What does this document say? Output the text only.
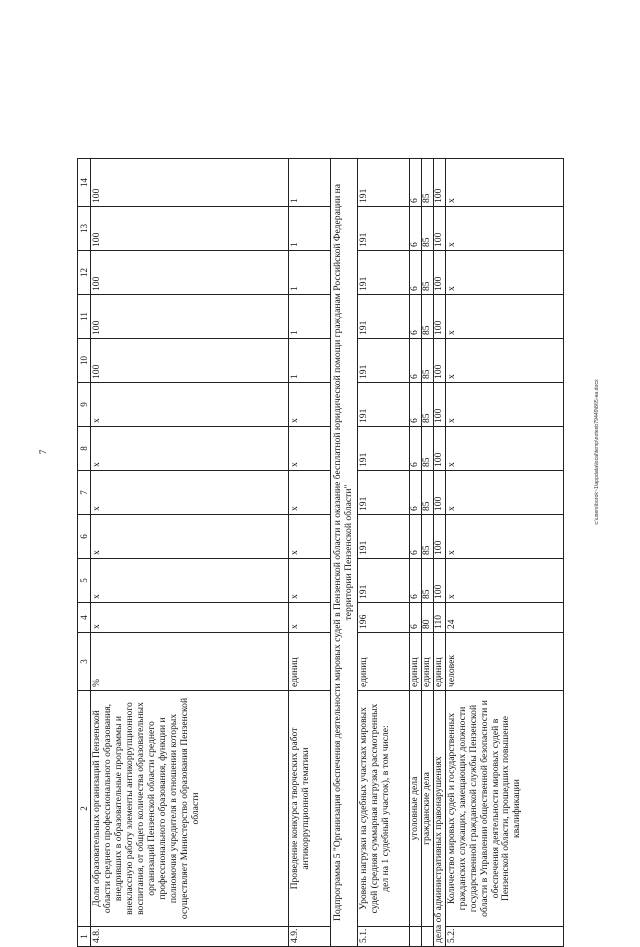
7	c:\users\borok~1\appdata\local\temp\notesb79449\865-на.docx
1	2	3	4	5	6	7	8	9	10	11	12	13	14
4.8.	Доля образовательных организаций Пензенской области среднего профессионального образования, внедривших в образовательные программы и внеклассную работу элементы антикоррупционного воспитания, от общего количества образовательных организаций Пензенской области среднего профессионального образования, функции и полномочия учредителя в отношении которых осуществляет Министерство образования Пензенской области	%	x	x	x	x	x	x	100	100	100	100	100
4.9.	Проведение конкурса творческих работ антикоррупционной тематики	единиц	x	x	x	x	x	x	1	1	1	1	1
Подпрограмма 5 "Организация обеспечения деятельности мировых судей в Пензенской области и оказание бесплатной юридической помощи гражданам Российской Федерации на территории Пензенской области"													
5.1.	Уровень нагрузки на судебных участках мировых судей (средняя суммарная нагрузка рассмотренных дел на 1 судебный участок), в том числе:	единиц	196	191	191	191	191	191	191	191	191	191	191
	уголовные дела	единиц	6	6	6	6	6	6	6	6	6	6	6
	гражданские дела	единиц	80	85	85	85	85	85	85	85	85	85	85
дела об административных правонарушениях		единиц	110	100	100	100	100	100	100	100	100	100	100
5.2.	Количество мировых судей и государственных гражданских служащих, замещающих должности государственной гражданской службы Пензенской области в Управлении общественной безопасности и обеспечения деятельности мировых судей в Пензенской области, прошедших повышение квалификации	человек	24	x	x	x	x	x	x	x	x	x	x
